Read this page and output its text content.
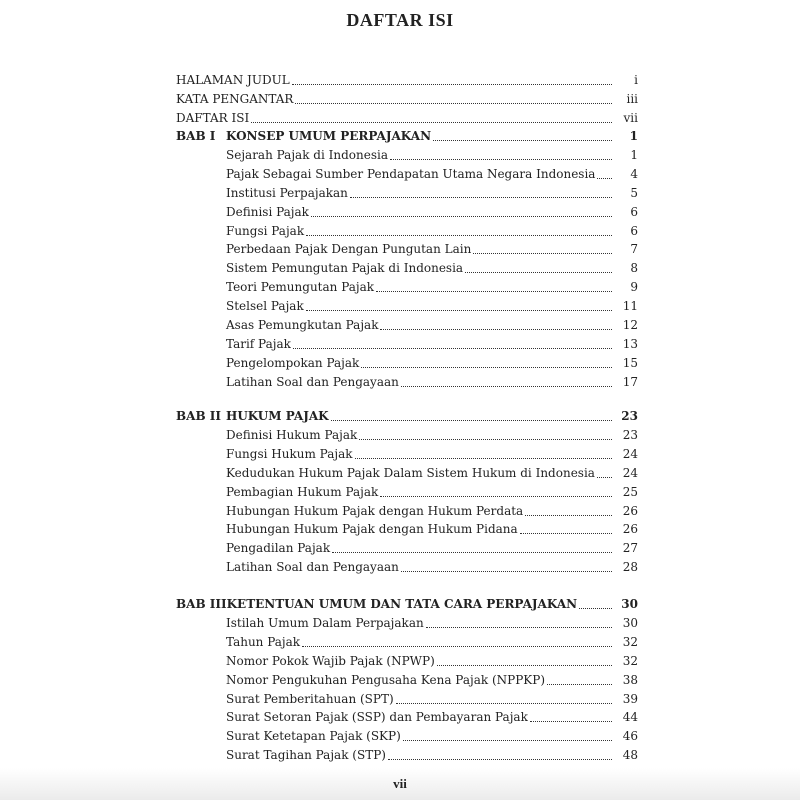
DAFTAR ISI
HALAMAN JUDUL	i
KATA PENGANTAR	iii
DAFTAR ISI	vii
BAB I KONSEP UMUM PERPAJAKAN	1
Sejarah Pajak di Indonesia	1
Pajak Sebagai Sumber Pendapatan Utama Negara Indonesia	4
Institusi Perpajakan	5
Definisi Pajak	6
Fungsi Pajak	6
Perbedaan Pajak Dengan Pungutan Lain	7
Sistem Pemungutan Pajak di Indonesia	8
Teori Pemungutan Pajak	9
Stelsel Pajak	11
Asas Pemungkutan Pajak	12
Tarif Pajak	13
Pengelompokan Pajak	15
Latihan Soal dan Pengayaan	17
BAB II HUKUM PAJAK	23
Definisi Hukum Pajak	23
Fungsi Hukum Pajak	24
Kedudukan Hukum Pajak Dalam Sistem Hukum di Indonesia	24
Pembagian Hukum Pajak	25
Hubungan Hukum Pajak dengan Hukum Perdata	26
Hubungan Hukum Pajak dengan Hukum Pidana	26
Pengadilan Pajak	27
Latihan Soal dan Pengayaan	28
BAB III KETENTUAN UMUM DAN TATA CARA PERPAJAKAN	30
Istilah Umum Dalam Perpajakan	30
Tahun Pajak	32
Nomor Pokok Wajib Pajak (NPWP)	32
Nomor Pengukuhan Pengusaha Kena Pajak (NPPKP)	38
Surat Pemberitahuan (SPT)	39
Surat Setoran Pajak (SSP) dan Pembayaran Pajak	44
Surat Ketetapan Pajak (SKP)	46
Surat Tagihan Pajak (STP)	48
vii
